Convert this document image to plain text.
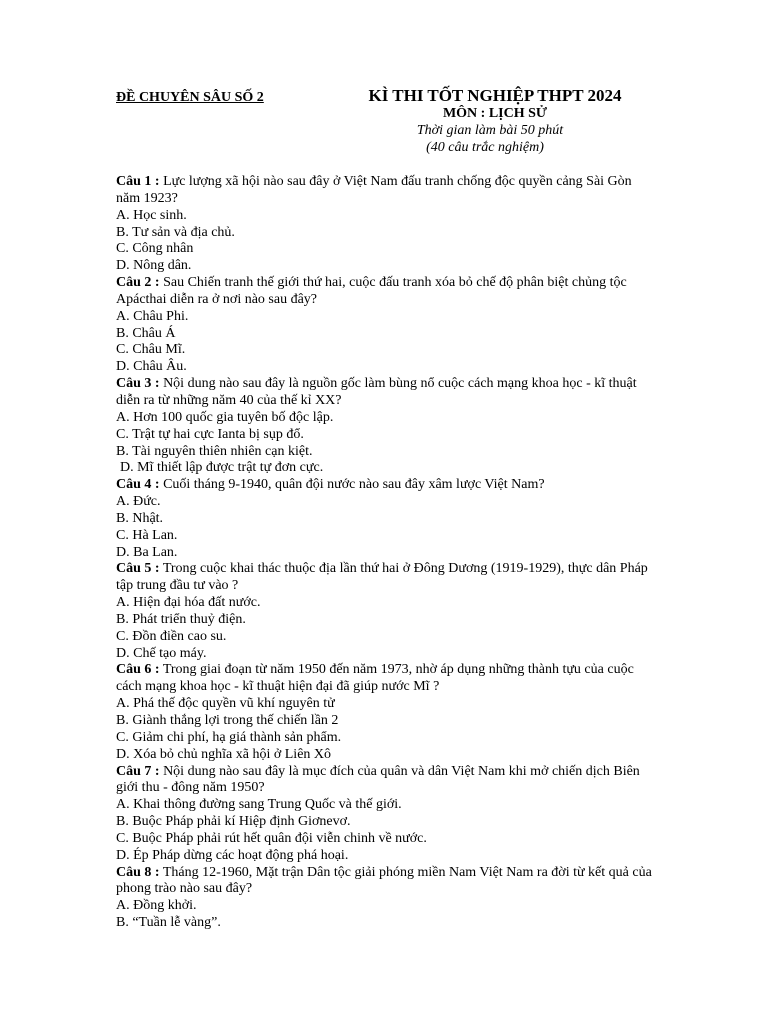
ĐỀ CHUYÊN SÂU SỐ 2	KÌ THI TỐT NGHIỆP THPT 2024
MÔN : LỊCH SỬ
Thời gian làm bài 50 phút
(40 câu trắc nghiệm)
Câu 1 : Lực lượng xã hội nào sau đây ở Việt Nam đấu tranh chống độc quyền cảng Sài Gòn năm 1923?
A. Học sinh.
B. Tư sản và địa chủ.
C. Công nhân
D. Nông dân.
Câu 2 : Sau Chiến tranh thế giới thứ hai, cuộc đấu tranh xóa bỏ chế độ phân biệt chủng tộc Apácthai diễn ra ở nơi nào sau đây?
A. Châu Phi.
B. Châu Á
C. Châu Mĩ.
D. Châu Âu.
Câu 3 : Nội dung nào sau đây là nguồn gốc làm bùng nổ cuộc cách mạng khoa học - kĩ thuật diễn ra từ những năm 40 của thế kỉ XX?
A. Hơn 100 quốc gia tuyên bố độc lập.
C. Trật tự hai cực Ianta bị sụp đổ.
B. Tài nguyên thiên nhiên cạn kiệt.
D. Mĩ thiết lập được trật tự đơn cực.
Câu 4 : Cuối tháng 9-1940, quân đội nước nào sau đây xâm lược Việt Nam?
A. Đức.
B. Nhật.
C. Hà Lan.
D. Ba Lan.
Câu 5 : Trong cuộc khai thác thuộc địa lần thứ hai ở Đông Dương (1919-1929), thực dân Pháp tập trung đầu tư vào ?
A. Hiện đại hóa đất nước.
B. Phát triển thuỷ điện.
C. Đồn điền cao su.
D. Chế tạo máy.
Câu 6 : Trong giai đoạn từ năm 1950 đến năm 1973, nhờ áp dụng những thành tựu của cuộc cách mạng khoa học - kĩ thuật hiện đại đã giúp nước Mĩ ?
A. Phá thế độc quyền vũ khí nguyên tử
B. Giành thắng lợi trong thế chiến lần 2
C. Giảm chi phí, hạ giá thành sản phẩm.
D. Xóa bỏ chủ nghĩa xã hội ở Liên Xô
Câu 7 : Nội dung nào sau đây là mục đích của quân và dân Việt Nam khi mở chiến dịch Biên giới thu - đông năm 1950?
A. Khai thông đường sang Trung Quốc và thế giới.
B. Buộc Pháp phải kí Hiệp định Giơnevơ.
C. Buộc Pháp phải rút hết quân đội viễn chinh về nước.
D. Ép Pháp dừng các hoạt động phá hoại.
Câu 8 : Tháng 12-1960, Mặt trận Dân tộc giải phóng miền Nam Việt Nam ra đời từ kết quả của phong trào nào sau đây?
A. Đồng khởi.
B. “Tuần lễ vàng”.
